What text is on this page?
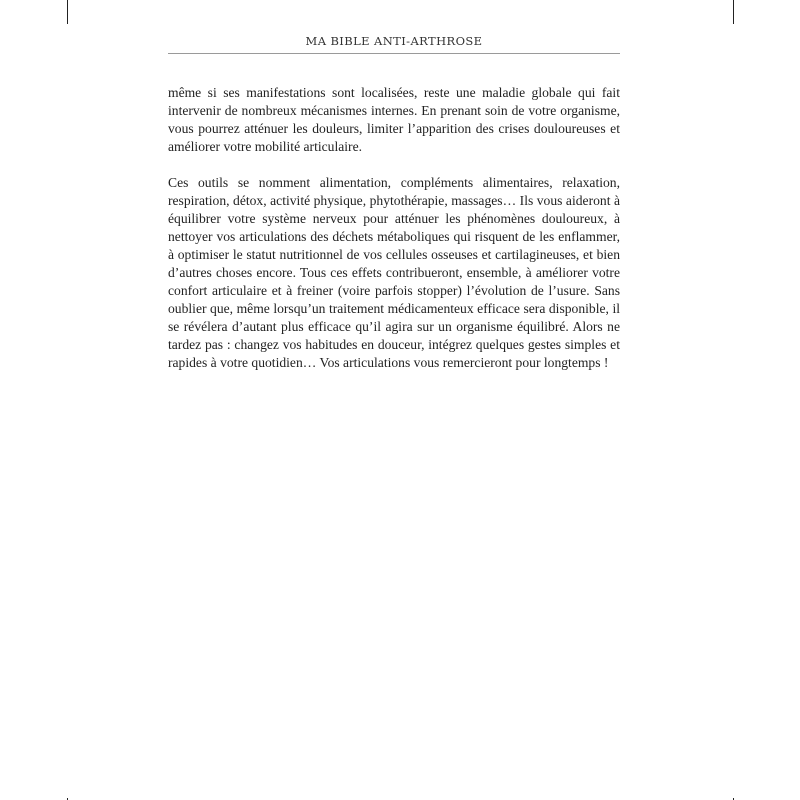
MA BIBLE ANTI-ARTHROSE

même si ses manifestations sont localisées, reste une maladie globale qui fait intervenir de nombreux mécanismes internes. En prenant soin de votre organisme, vous pourrez atténuer les douleurs, limiter l’apparition des crises douloureuses et améliorer votre mobilité articulaire.

Ces outils se nomment alimentation, compléments alimentaires, relaxation, respiration, détox, activité physique, phytothérapie, massages… Ils vous aideront à équilibrer votre système nerveux pour atténuer les phénomènes douloureux, à nettoyer vos articulations des déchets métaboliques qui risquent de les enflammer, à optimiser le statut nutritionnel de vos cellules osseuses et cartilagineuses, et bien d’autres choses encore. Tous ces effets contribueront, ensemble, à améliorer votre confort articulaire et à freiner (voire parfois stopper) l’évolution de l’usure. Sans oublier que, même lorsqu’un traitement médicamenteux efficace sera disponible, il se révélera d’autant plus efficace qu’il agira sur un organisme équilibré. Alors ne tardez pas : changez vos habitudes en douceur, intégrez quelques gestes simples et rapides à votre quotidien… Vos articulations vous remercieront pour longtemps !
